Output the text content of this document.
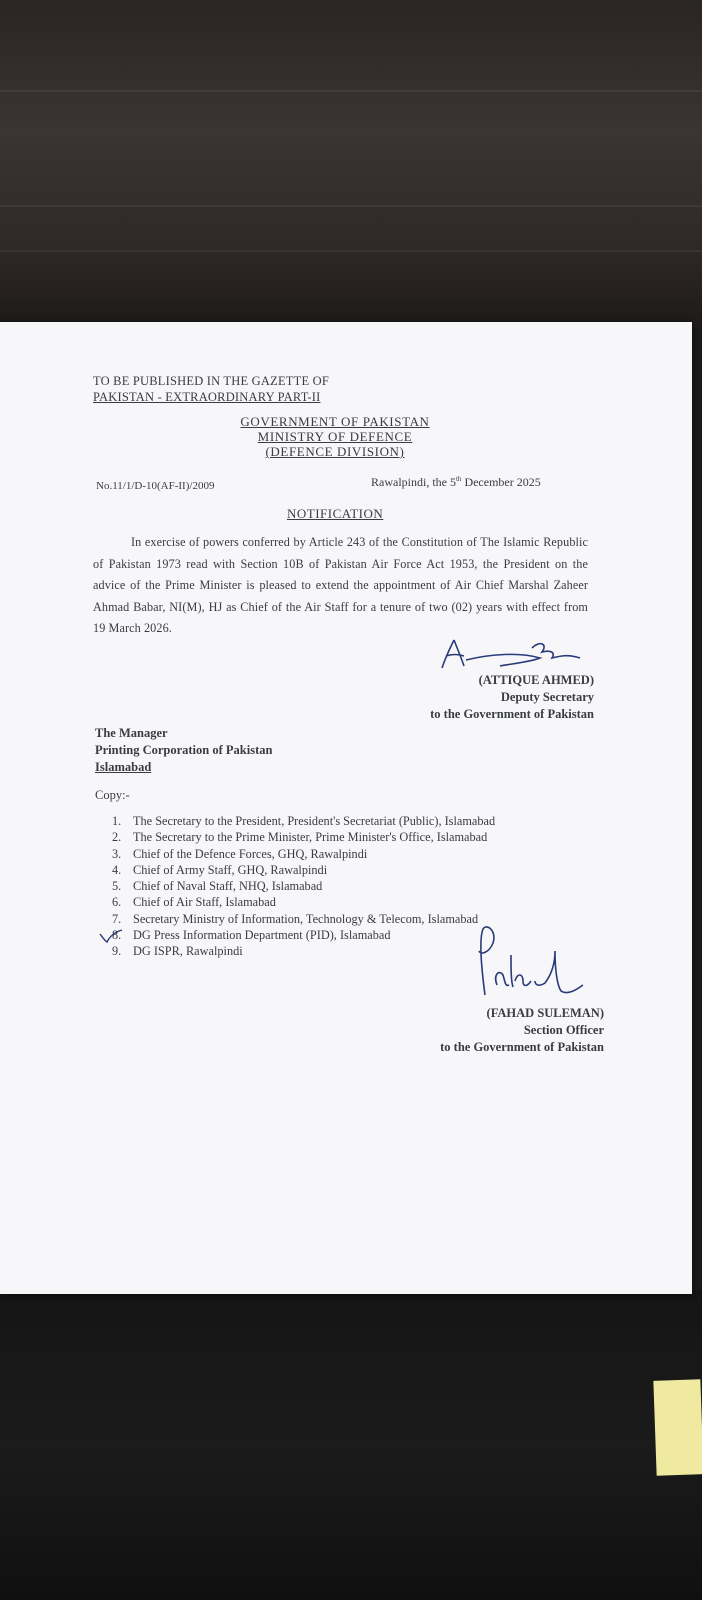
TO BE PUBLISHED IN THE GAZETTE OF
PAKISTAN - EXTRAORDINARY PART-II
GOVERNMENT OF PAKISTAN
MINISTRY OF DEFENCE
(DEFENCE DIVISION)
No.11/1/D-10(AF-II)/2009	Rawalpindi, the 5th December 2025
NOTIFICATION
In exercise of powers conferred by Article 243 of the Constitution of The Islamic Republic of Pakistan 1973 read with Section 10B of Pakistan Air Force Act 1953, the President on the advice of the Prime Minister is pleased to extend the appointment of Air Chief Marshal Zaheer Ahmad Babar, NI(M), HJ as Chief of the Air Staff for a tenure of two (02) years with effect from 19 March 2026.
(ATTIQUE AHMED)
Deputy Secretary
to the Government of Pakistan
The Manager
Printing Corporation of Pakistan
Islamabad
Copy:-
1. The Secretary to the President, President's Secretariat (Public), Islamabad
2. The Secretary to the Prime Minister, Prime Minister's Office, Islamabad
3. Chief of the Defence Forces, GHQ, Rawalpindi
4. Chief of Army Staff, GHQ, Rawalpindi
5. Chief of Naval Staff, NHQ, Islamabad
6. Chief of Air Staff, Islamabad
7. Secretary Ministry of Information, Technology & Telecom, Islamabad
8. DG Press Information Department (PID), Islamabad
9. DG ISPR, Rawalpindi
(FAHAD SULEMAN)
Section Officer
to the Government of Pakistan
